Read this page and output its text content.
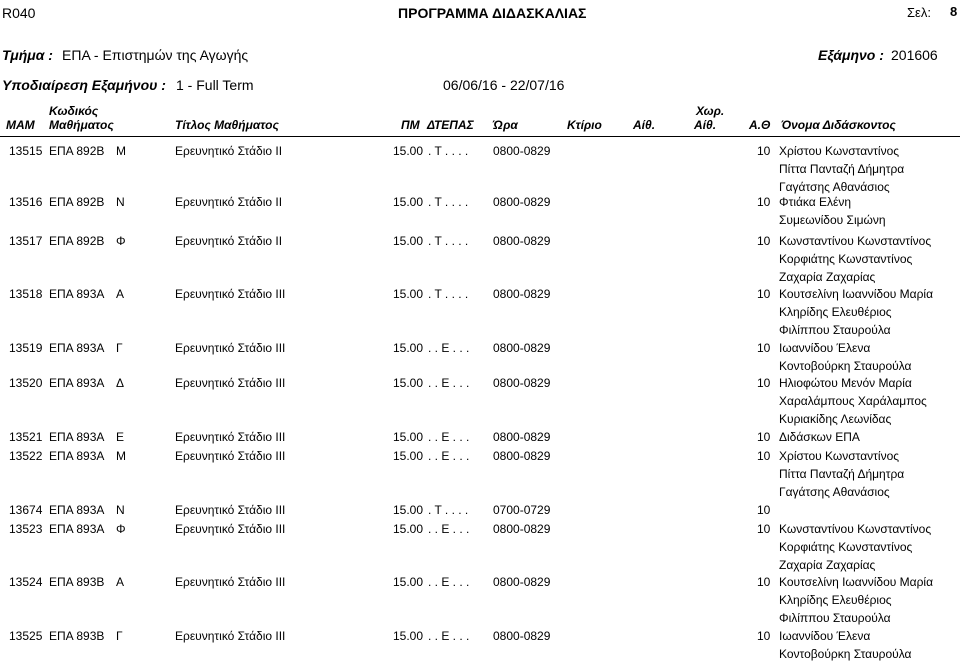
R040	ΠΡΟΓΡΑΜΜΑ ΔΙΔΑΣΚΑΛΙΑΣ	Σελ: 8
Τμήμα : ΕΠΑ - Επιστημών της Αγωγής	Εξάμηνο : 201606
Υποδιαίρεση Εξαμήνου : 1 - Full Term	06/06/16 - 22/07/16
MAM
Κωδικός
Μαθήματος	Τίτλος Μαθήματος	ΠΜ ΔΤΕΠΑΣ Ώρα	Κτίριο	Αίθ.
Χωρ.
Αίθ.	Α.Θ Όνομα Διδάσκοντος
13515 ΕΠΑ 892Β Μ	Ερευνητικό Στάδιο ΙΙ	15.00 . Τ . . . . 0800-0829	10 Χρίστου Κωνσταντίνος
Πίττα Πανταζή Δήμητρα
Γαγάτσης Αθανάσιος
13516 ΕΠΑ 892Β Ν	Ερευνητικό Στάδιο ΙΙ	15.00 . Τ . . . . 0800-0829	10 Φτιάκα Ελένη
Συμεωνίδου Σιμώνη
13517 ΕΠΑ 892Β Φ	Ερευνητικό Στάδιο ΙΙ	15.00 . Τ . . . . 0800-0829	10 Κωνσταντίνου Κωνσταντίνος
Κορφιάτης Κωνσταντίνος
Ζαχαρία Ζαχαρίας
13518 ΕΠΑ 893Α Α	Ερευνητικό Στάδιο ΙΙΙ	15.00 . Τ . . . . 0800-0829	10 Κουτσελίνη Ιωαννίδου Μαρία
Κληρίδης Ελευθέριος
Φιλίππου Σταυρούλα
13519 ΕΠΑ 893Α Γ	Ερευνητικό Στάδιο ΙΙΙ	15.00 . . Ε . . . 0800-0829	10 Ιωαννίδου Έλενα
Κοντοβούρκη Σταυρούλα
13520 ΕΠΑ 893Α Δ	Ερευνητικό Στάδιο ΙΙΙ	15.00 . . Ε . . . 0800-0829	10 Ηλιοφώτου Μενόν Μαρία
Χαραλάμπους Χαράλαμπος
Κυριακίδης Λεωνίδας
13521 ΕΠΑ 893Α Ε	Ερευνητικό Στάδιο ΙΙΙ	15.00 . . Ε . . . 0800-0829	10 Διδάσκων ΕΠΑ
13522 ΕΠΑ 893Α Μ	Ερευνητικό Στάδιο ΙΙΙ	15.00 . . Ε . . . 0800-0829	10 Χρίστου Κωνσταντίνος
Πίττα Πανταζή Δήμητρα
Γαγάτσης Αθανάσιος
13674 ΕΠΑ 893Α Ν	Ερευνητικό Στάδιο ΙΙΙ	15.00 . Τ . . . . 0700-0729	10
13523 ΕΠΑ 893Α Φ	Ερευνητικό Στάδιο ΙΙΙ	15.00 . . Ε . . . 0800-0829	10 Κωνσταντίνου Κωνσταντίνος
Κορφιάτης Κωνσταντίνος
Ζαχαρία Ζαχαρίας
13524 ΕΠΑ 893Β Α	Ερευνητικό Στάδιο ΙΙΙ	15.00 . . Ε . . . 0800-0829	10 Κουτσελίνη Ιωαννίδου Μαρία
Κληρίδης Ελευθέριος
Φιλίππου Σταυρούλα
13525 ΕΠΑ 893Β Γ	Ερευνητικό Στάδιο ΙΙΙ	15.00 . . Ε . . . 0800-0829	10 Ιωαννίδου Έλενα
Κοντοβούρκη Σταυρούλα
